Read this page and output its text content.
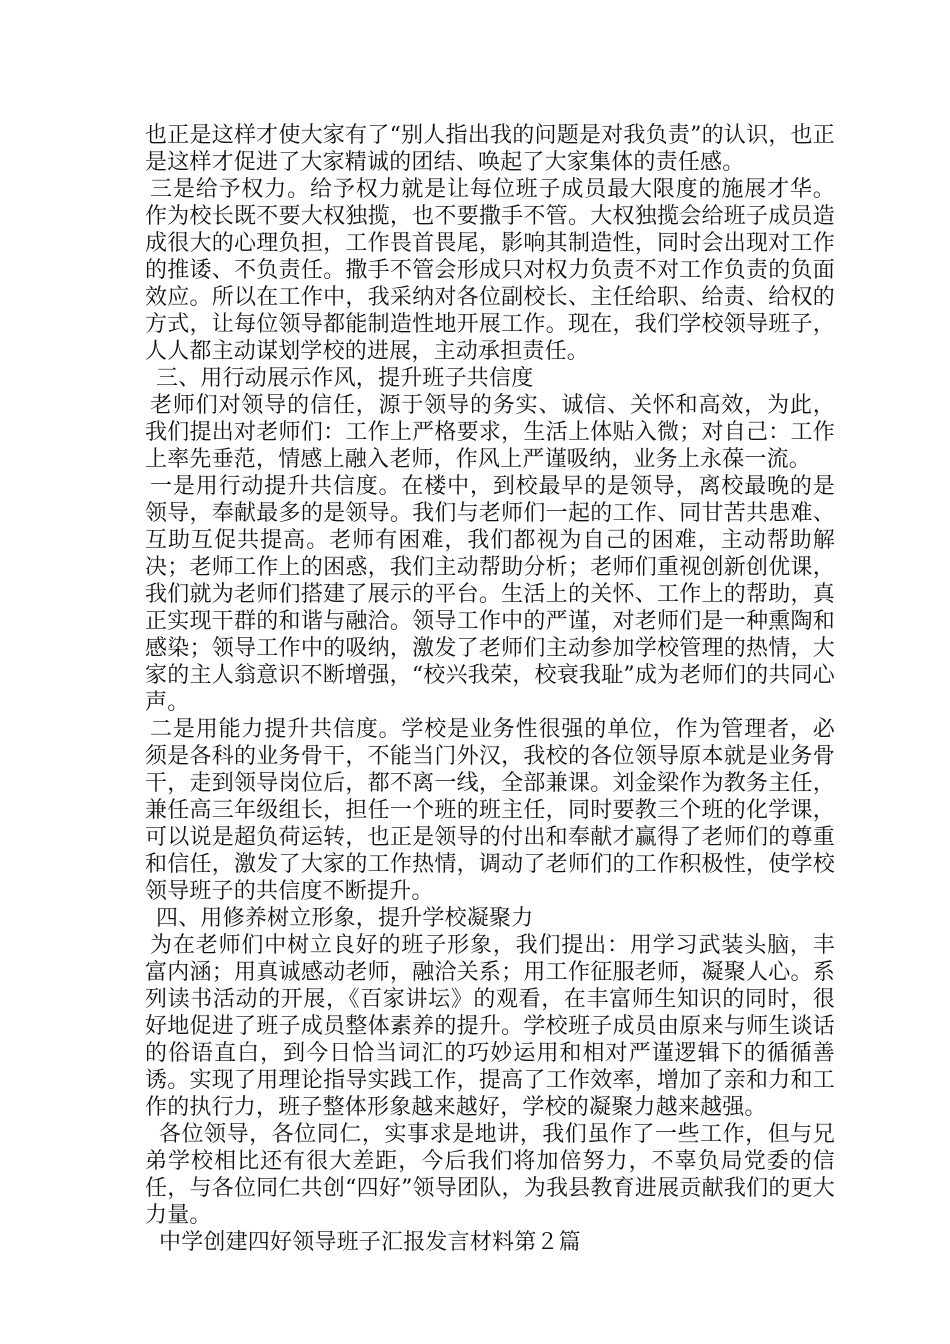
也正是这样才使大家有了“别人指出我的问题是对我负责”的认识，也正是这样才促进了大家精诚的团结、唤起了大家集体的责任感。

三是给予权力。给予权力就是让每位班子成员最大限度的施展才华。作为校长既不要大权独揽，也不要撒手不管。大权独揽会给班子成员造成很大的心理负担，工作畏首畏尾，影响其制造性，同时会出现对工作的推诿、不负责任。撒手不管会形成只对权力负责不对工作负责的负面效应。所以在工作中，我采纳对各位副校长、主任给职、给责、给权的方式，让每位领导都能制造性地开展工作。现在，我们学校领导班子，人人都主动谋划学校的进展，主动承担责任。

三、用行动展示作风，提升班子共信度

老师们对领导的信任，源于领导的务实、诚信、关怀和高效，为此，我们提出对老师们：工作上严格要求，生活上体贴入微；对自己：工作上率先垂范，情感上融入老师，作风上严谨吸纳，业务上永葆一流。

一是用行动提升共信度。在楼中，到校最早的是领导，离校最晚的是领导，奉献最多的是领导。我们与老师们一起的工作、同甘苦共患难、互助互促共提高。老师有困难，我们都视为自己的困难，主动帮助解决；老师工作上的困惑，我们主动帮助分析；老师们重视创新创优课，我们就为老师们搭建了展示的平台。生活上的关怀、工作上的帮助，真正实现干群的和谐与融洽。领导工作中的严谨，对老师们是一种熏陶和感染；领导工作中的吸纳，激发了老师们主动参加学校管理的热情，大家的主人翁意识不断增强，“校兴我荣，校衰我耻”成为老师们的共同心声。

二是用能力提升共信度。学校是业务性很强的单位，作为管理者，必须是各科的业务骨干，不能当门外汉，我校的各位领导原本就是业务骨干，走到领导岗位后，都不离一线，全部兼课。刘金梁作为教务主任，兼任高三年级组长，担任一个班的班主任，同时要教三个班的化学课，可以说是超负荷运转，也正是领导的付出和奉献才赢得了老师们的尊重和信任，激发了大家的工作热情，调动了老师们的工作积极性，使学校领导班子的共信度不断提升。

四、用修养树立形象，提升学校凝聚力

为在老师们中树立良好的班子形象，我们提出：用学习武装头脑，丰富内涵；用真诚感动老师，融洽关系；用工作征服老师，凝聚人心。系列读书活动的开展，《百家讲坛》的观看，在丰富师生知识的同时，很好地促进了班子成员整体素养的提升。学校班子成员由原来与师生谈话的俗语直白，到今日恰当词汇的巧妙运用和相对严谨逻辑下的循循善诱。实现了用理论指导实践工作，提高了工作效率，增加了亲和力和工作的执行力，班子整体形象越来越好，学校的凝聚力越来越强。

各位领导，各位同仁，实事求是地讲，我们虽作了一些工作，但与兄弟学校相比还有很大差距，今后我们将加倍努力，不辜负局党委的信任，与各位同仁共创“四好”领导团队，为我县教育进展贡献我们的更大力量。

中学创建四好领导班子汇报发言材料第２篇
